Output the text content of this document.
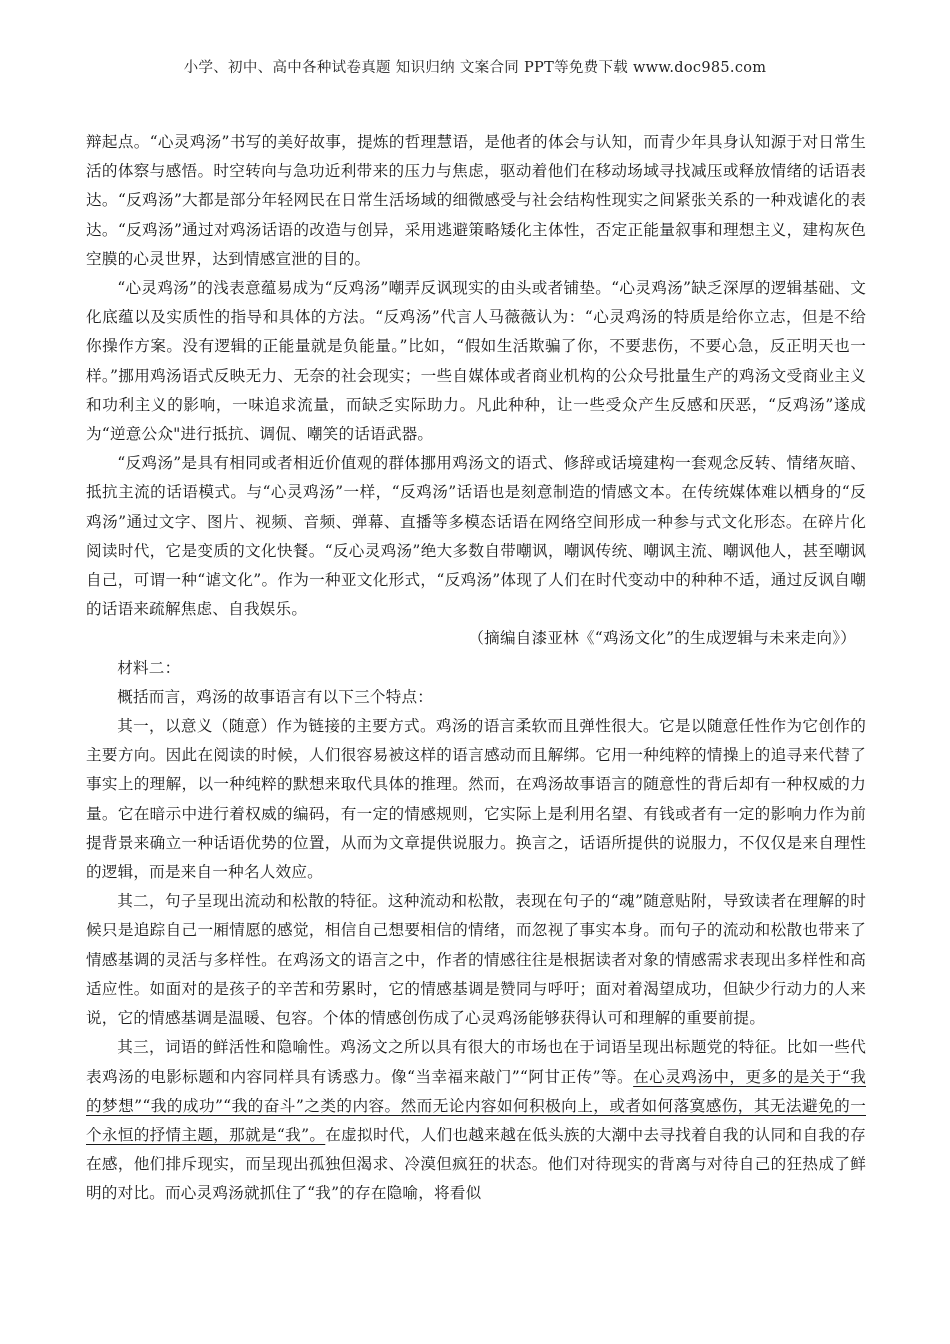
小学、初中、高中各种试卷真题 知识归纳 文案合同 PPT等免费下载 www.doc985.com

辩起点。“心灵鸡汤”书写的美好故事，提炼的哲理慧语，是他者的体会与认知，而青少年具身认知源于对日常生活的体察与感悟。时空转向与急功近利带来的压力与焦虑，驱动着他们在移动场域寻找减压或释放情绪的话语表达。“反鸡汤”大都是部分年轻网民在日常生活场域的细微感受与社会结构性现实之间紧张关系的一种戏谑化的表达。“反鸡汤”通过对鸡汤话语的改造与创异，采用逃避策略矮化主体性，否定正能量叙事和理想主义，建构灰色空膜的心灵世界，达到情感宣泄的目的。

“心灵鸡汤”的浅表意蕴易成为“反鸡汤”嘲弄反讽现实的由头或者铺垫。“心灵鸡汤”缺乏深厚的逻辑基础、文化底蕴以及实质性的指导和具体的方法。“反鸡汤”代言人马薇薇认为：“心灵鸡汤的特质是给你立志，但是不给你操作方案。没有逻辑的正能量就是负能量。”比如，“假如生活欺骗了你，不要悲伤，不要心急，反正明天也一样。”挪用鸡汤语式反映无力、无奈的社会现实；一些自媒体或者商业机构的公众号批量生产的鸡汤文受商业主义和功利主义的影响，一味追求流量，而缺乏实际助力。凡此种种，让一些受众产生反感和厌恶，“反鸡汤”遂成为“逆意公众"进行抵抗、调侃、嘲笑的话语武器。

“反鸡汤”是具有相同或者相近价值观的群体挪用鸡汤文的语式、修辞或话境建构一套观念反转、情绪灰暗、抵抗主流的话语模式。与“心灵鸡汤”一样，“反鸡汤”话语也是刻意制造的情感文本。在传统媒体难以栖身的“反鸡汤”通过文字、图片、视频、音频、弹幕、直播等多模态话语在网络空间形成一种参与式文化形态。在碎片化阅读时代，它是变质的文化快餐。“反心灵鸡汤”绝大多数自带嘲讽，嘲讽传统、嘲讽主流、嘲讽他人，甚至嘲讽自己，可谓一种“谑文化”。作为一种亚文化形式，“反鸡汤”体现了人们在时代变动中的种种不适，通过反讽自嘲的话语来疏解焦虑、自我娱乐。

（摘编自漆亚林《“鸡汤文化”的生成逻辑与未来走向》）

材料二：

概括而言，鸡汤的故事语言有以下三个特点：

其一，以意义（随意）作为链接的主要方式。鸡汤的语言柔软而且弹性很大。它是以随意任性作为它创作的主要方向。因此在阅读的时候，人们很容易被这样的语言感动而且解绑。它用一种纯粹的情操上的追寻来代替了事实上的理解，以一种纯粹的默想来取代具体的推理。然而，在鸡汤故事语言的随意性的背后却有一种权威的力量。它在暗示中进行着权威的编码，有一定的情感规则，它实际上是利用名望、有钱或者有一定的影响力作为前提背景来确立一种话语优势的位置，从而为文章提供说服力。换言之，话语所提供的说服力，不仅仅是来自理性的逻辑，而是来自一种名人效应。

其二，句子呈现出流动和松散的特征。这种流动和松散，表现在句子的“魂”随意贴附，导致读者在理解的时候只是追踪自己一厢情愿的感觉，相信自己想要相信的情绪，而忽视了事实本身。而句子的流动和松散也带来了情感基调的灵活与多样性。在鸡汤文的语言之中，作者的情感往往是根据读者对象的情感需求表现出多样性和高适应性。如面对的是孩子的辛苦和劳累时，它的情感基调是赞同与呼吁；面对着渴望成功，但缺少行动力的人来说，它的情感基调是温暖、包容。个体的情感创伤成了心灵鸡汤能够获得认可和理解的重要前提。

其三，词语的鲜活性和隐喻性。鸡汤文之所以具有很大的市场也在于词语呈现出标题党的特征。比如一些代表鸡汤的电影标题和内容同样具有诱惑力。像“当幸福来敲门”“阿甘正传”等。在心灵鸡汤中，更多的是关于“我的梦想”“我的成功”“我的奋斗”之类的内容。然而无论内容如何积极向上，或者如何落寞感伤，其无法避免的一个永恒的抒情主题，那就是“我”。在虚拟时代，人们也越来越在低头族的大潮中去寻找着自我的认同和自我的存在感，他们排斥现实，而呈现出孤独但渴求、冷漠但疯狂的状态。他们对待现实的背离与对待自己的狂热成了鲜明的对比。而心灵鸡汤就抓住了“我”的存在隐喻，将看似
